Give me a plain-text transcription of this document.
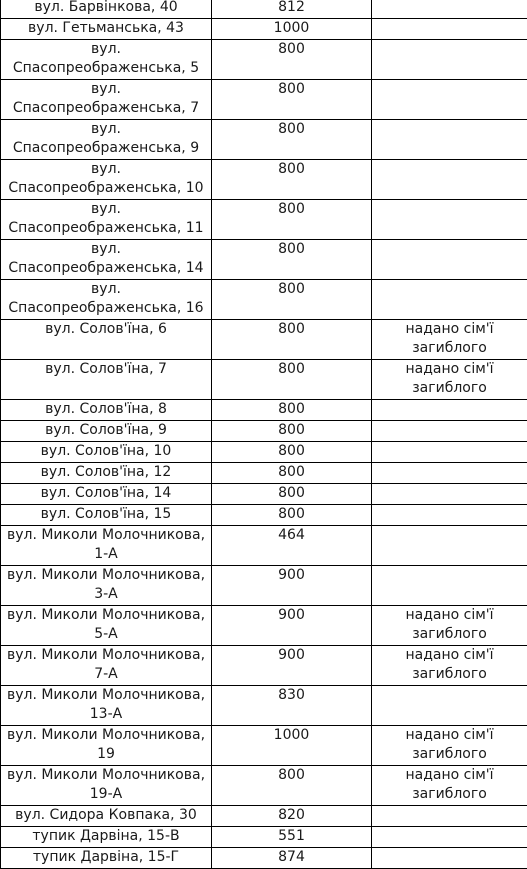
вул. Барвінкова, 40	812	
вул. Гетьманська, 43	1000	
вул. Спасопреображенська, 5	800	
вул. Спасопреображенська, 7	800	
вул. Спасопреображенська, 9	800	
вул. Спасопреображенська, 10	800	
вул. Спасопреображенська, 11	800	
вул. Спасопреображенська, 14	800	
вул. Спасопреображенська, 16	800	
вул. Солов'їна, 6	800	надано сім'ї загиблого
вул. Солов'їна, 7	800	надано сім'ї загиблого
вул. Солов'їна, 8	800	
вул. Солов'їна, 9	800	
вул. Солов'їна, 10	800	
вул. Солов'їна, 12	800	
вул. Солов'їна, 14	800	
вул. Солов'їна, 15	800	
вул. Миколи Молочникова, 1-А	464	
вул. Миколи Молочникова, 3-А	900	
вул. Миколи Молочникова, 5-А	900	надано сім'ї загиблого
вул. Миколи Молочникова, 7-А	900	надано сім'ї загиблого
вул. Миколи Молочникова, 13-А	830	
вул. Миколи Молочникова, 19	1000	надано сім'ї загиблого
вул. Миколи Молочникова, 19-А	800	надано сім'ї загиблого
вул. Сидора Ковпака, 30	820	
тупик Дарвіна, 15-В	551	
тупик Дарвіна, 15-Г	874	
